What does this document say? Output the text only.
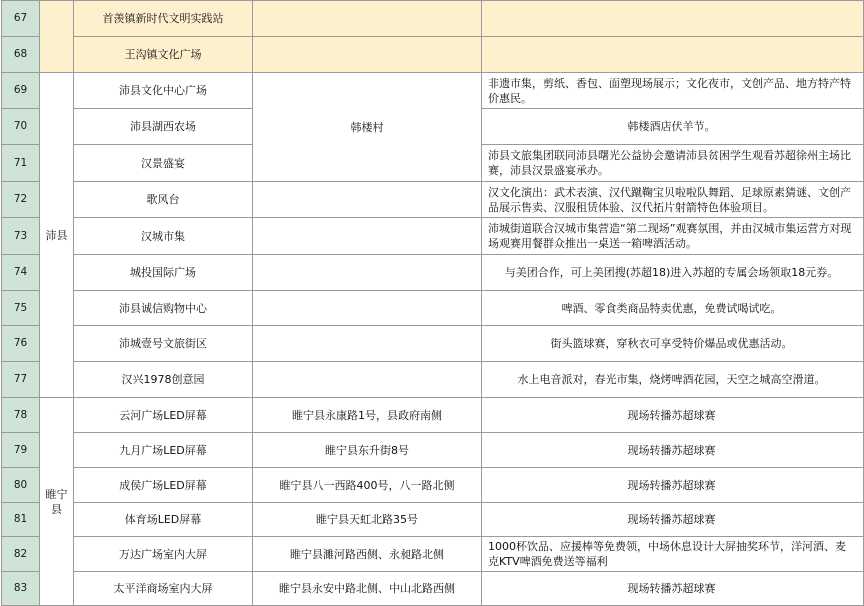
67		首羡镇新时代文明实践站		
68		王沟镇文化广场		
69	沛县	沛县文化中心广场	韩楼村	非遗市集，剪纸、香包、面塑现场展示；文化夜市，文创产品、地方特产特价惠民。
70		沛县湖西农场		韩楼酒店伏羊节。
71		汉景盛宴		沛县文旅集团联同沛县曙光公益协会邀请沛县贫困学生观看苏超徐州主场比赛，沛县汉景盛宴承办。
72		歌风台		汉文化演出：武术表演、汉代蹴鞠宝贝啦啦队舞蹈、足球原素猜谜、文创产品展示售卖、汉服租赁体验、汉代拓片射箭特色体验项目。
73		汉城市集		沛城街道联合汉城市集营造“第二现场”观赛氛围，并由汉城市集运营方对现场观赛用餐群众推出一桌送一箱啤酒活动。
74		城投国际广场		与美团合作，可上美团搜(苏超18)进入苏超的专属会场领取18元券。
75		沛县诚信购物中心		啤酒、零食类商品特卖优惠，免费试喝试吃。
76		沛城壹号文旅街区		街头篮球赛，穿秋衣可享受特价爆品或优惠活动。
77		汉兴1978创意园		水上电音派对，春光市集，烧烤啤酒花园，天空之城高空滑道。
78	睢宁县	云河广场LED屏幕	睢宁县永康路1号，县政府南侧	现场转播苏超球赛
79		九月广场LED屏幕	睢宁县东升街8号	现场转播苏超球赛
80		成侯广场LED屏幕	睢宁县八一西路400号，八一路北侧	现场转播苏超球赛
81		体育场LED屏幕	睢宁县天虹北路35号	现场转播苏超球赛
82		万达广场室内大屏	睢宁县濉河路西侧、永昶路北侧	1000杯饮品、应援棒等免费领，中场休息设计大屏抽奖环节，洋河酒、麦克KTV啤酒免费送等福利
83		太平洋商场室内大屏	睢宁县永安中路北侧、中山北路西侧	现场转播苏超球赛
